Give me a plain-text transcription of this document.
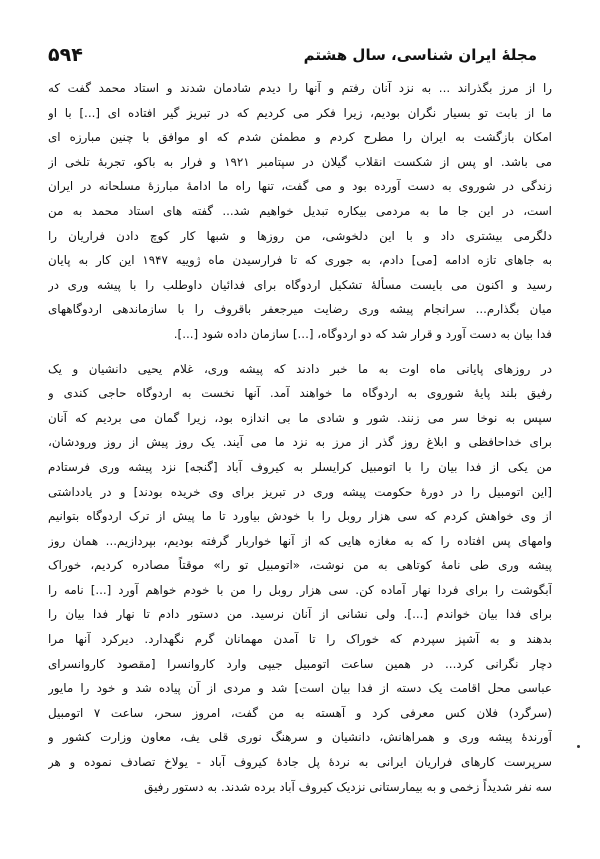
مجلهٔ ایران شناسی، سال هشتم
۵۹۴
را از مرز بگذراند ... به نزد آنان رفتم و آنها را دیدم شادمان شدند و استاد محمد گفت که
ما از بابت تو بسیار نگران بودیم، زیرا فکر می کردیم که در تبریز گیر افتاده ای [...] با او
امکان بازگشت به ایران را مطرح کردم و مطمئن شدم که او موافق با چنین مبارزه ای
می باشد. او پس از شکست انقلاب گیلان در سپتامبر ۱۹۲۱ و فرار به باکو، تجربهٔ تلخی از
زندگی در شوروی به دست آورده بود و می گفت، تنها راه ما ادامهٔ مبارزهٔ مسلحانه در ایران
است، در این جا ما به مردمی بیکاره تبدیل خواهیم شد... گفته های استاد محمد به من
دلگرمی بیشتری داد و با این دلخوشی، من روزها و شبها کار کوچ دادن فراریان را
به جاهای تازه ادامه [می] دادم، به جوری که تا فرارسیدن ماه ژوییه ۱۹۴۷ این کار به پایان
رسید و اکنون می بایست مسألهٔ تشکیل اردوگاه برای فدائیان داوطلب را با پیشه وری در
میان بگذارم... سرانجام پیشه وری رضایت میرجعفر باقروف را با سازماندهی اردوگاههای
فدا بیان به دست آورد و قرار شد که دو اردوگاه، [...] سازمان داده شود [...].
در روزهای پایانی ماه اوت به ما خبر دادند که پیشه وری، غلام یحیی دانشیان و یک
رفیق بلند پایهٔ شوروی به اردوگاه ما خواهند آمد. آنها نخست به اردوگاه حاجی کندی و
سپس به نوخا سر می زنند. شور و شادی ما بی اندازه بود، زیرا گمان می بردیم که آنان
برای خداحافظی و ابلاغ روز گذر از مرز به نزد ما می آیند. یک روز پیش از روز ورودشان،
من یکی از فدا بیان را با اتومبیل کرایسلر به کیروف آباد [گنجه] نزد پیشه وری فرستادم
[این اتومبیل را در دورهٔ حکومت پیشه وری در تبریز برای وی خریده بودند] و در یادداشتی
از وی خواهش کردم که سی هزار روبل را با خودش بیاورد تا ما پیش از ترک اردوگاه بتوانیم
وامهای پس افتاده را که به مغازه هایی که از آنها خواربار گرفته بودیم، بپردازیم... همان روز
پیشه وری طی نامهٔ کوتاهی به من نوشت، «اتومبیل تو را» موقتاً مصادره کردیم، خوراک
آبگوشت را برای فردا نهار آماده کن. سی هزار روبل را من با خودم خواهم آورد [...] نامه را
برای فدا بیان خواندم [...]. ولی نشانی از آنان نرسید. من دستور دادم تا نهار فدا بیان را
بدهند و به آشپز سپردم که خوراک را تا آمدن مهمانان گرم نگهدارد. دیرکرد آنها مرا
دچار نگرانی کرد... در همین ساعت اتومبیل جیپی وارد کاروانسرا [مقصود کاروانسرای
عباسی محل اقامت یک دسته از فدا بیان است] شد و مردی از آن پیاده شد و خود را مایور
(سرگرد) فلان کس معرفی کرد و آهسته به من گفت، امروز سحر، ساعت ۷ اتومبیل
آورندهٔ پیشه وری و همراهانش، دانشیان و سرهنگ نوری قلی یف، معاون وزارت کشور و
سرپرست کارهای فراریان ایرانی به نردهٔ پل جادهٔ کیروف آباد - یولاخ تصادف نموده و هر
سه نفر شدیداً زخمی و به بیمارستانی نزدیک کیروف آباد برده شدند. به دستور رفیق
